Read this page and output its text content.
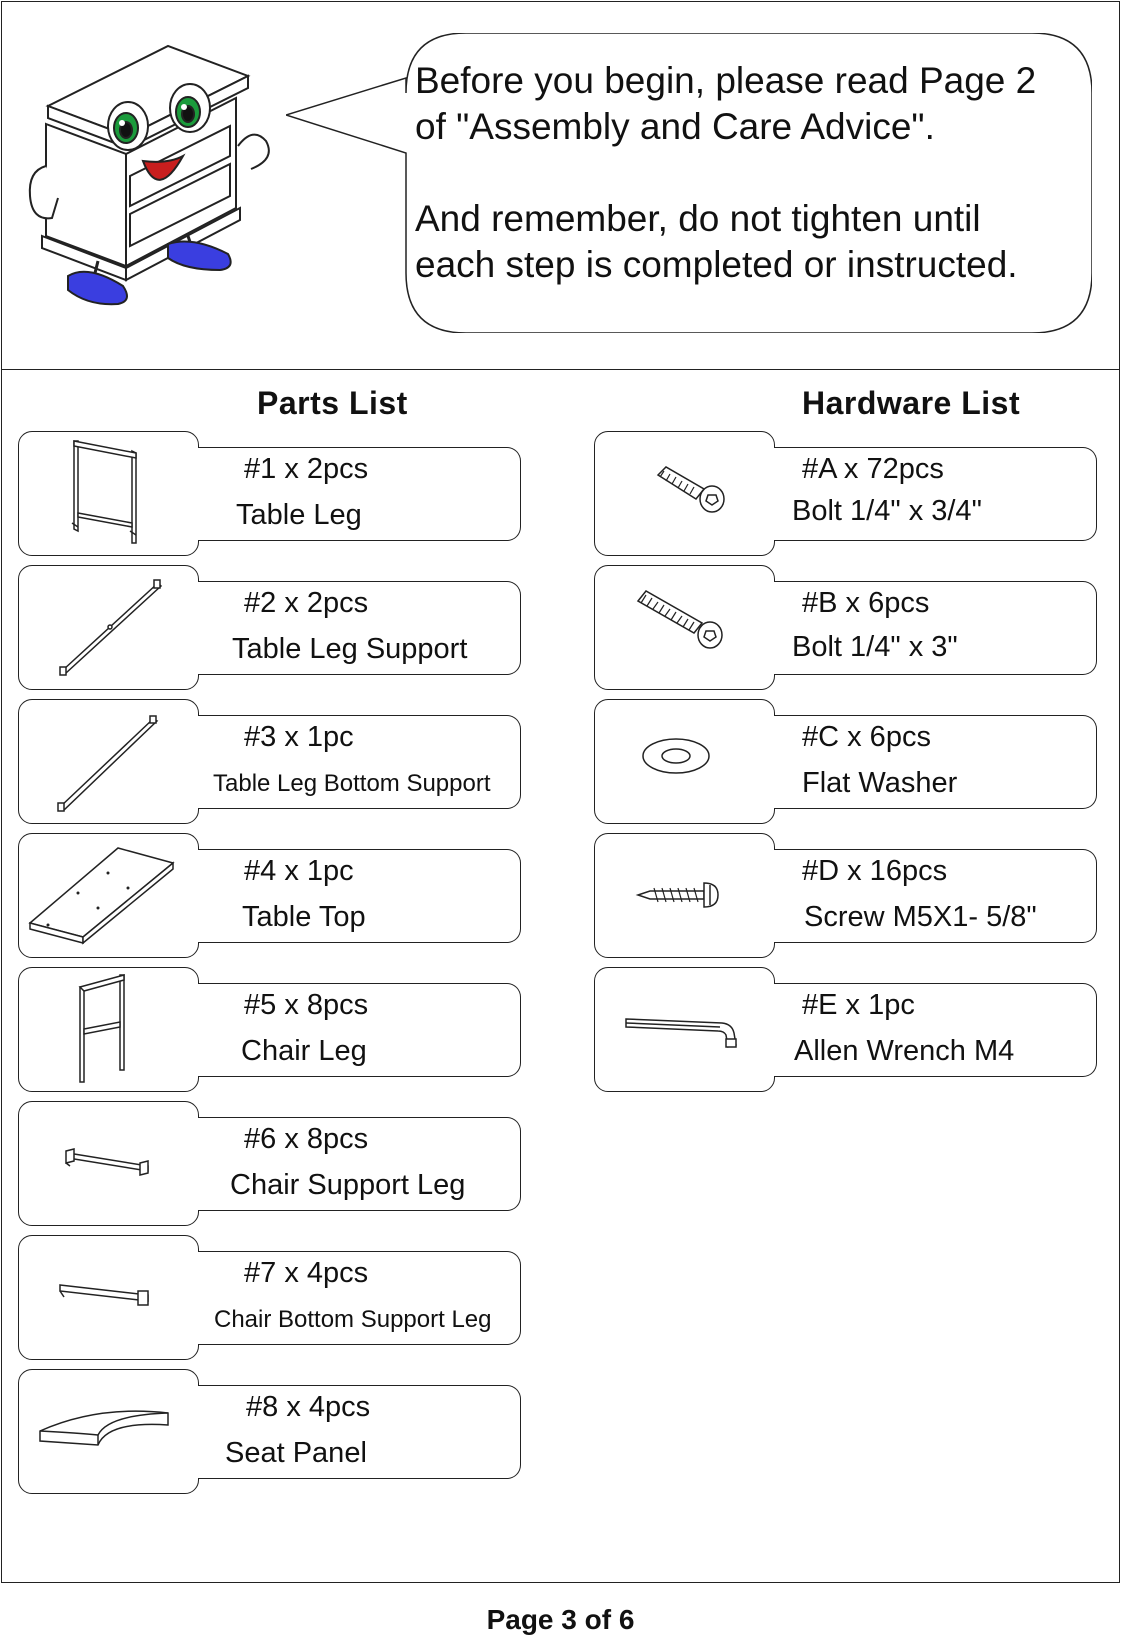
Before you begin, please read Page 2
of "Assembly and Care Advice".

And remember, do not tighten until
each step is completed or instructed.

Parts List	Hardware List
#1 x 2pcs
Table Leg
#2 x 2pcs
Table Leg Support
#3 x 1pc
Table Leg Bottom Support
#4 x 1pc
Table Top
#5 x 8pcs
Chair Leg
#6 x 8pcs
Chair Support Leg
#7 x 4pcs
Chair Bottom Support Leg
#8 x 4pcs
Seat Panel
#A x 72pcs
Bolt 1/4" x 3/4"
#B x 6pcs
Bolt 1/4" x 3"
#C x 6pcs
Flat Washer
#D x 16pcs
Screw M5X1- 5/8"
#E x 1pc
Allen Wrench M4
Page 3 of 6
